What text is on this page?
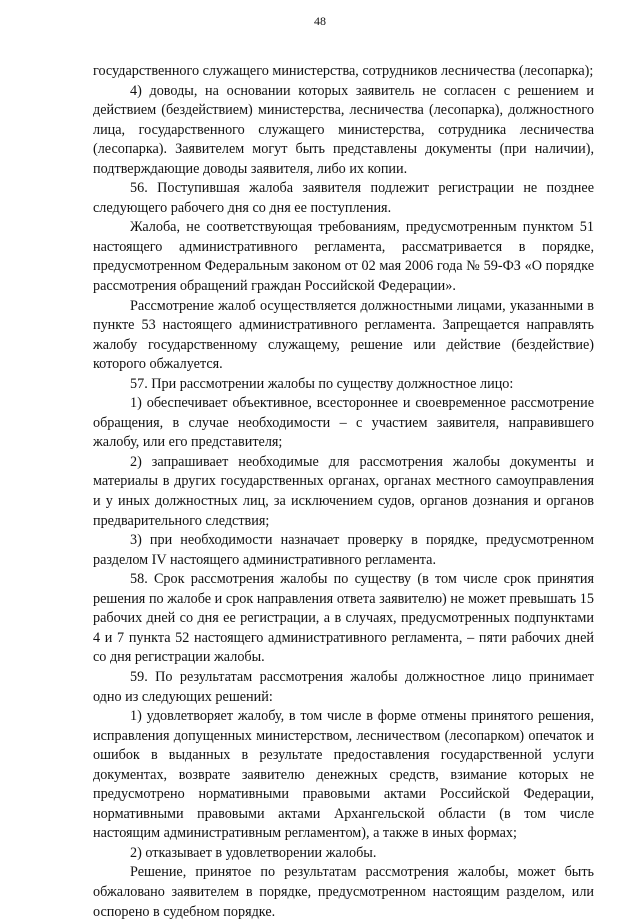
48

государственного служащего министерства, сотрудников лесничества (лесопарка);

4) доводы, на основании которых заявитель не согласен с решением и действием (бездействием) министерства, лесничества (лесопарка), должностного лица, государственного служащего министерства, сотрудника лесничества (лесопарка). Заявителем могут быть представлены документы (при наличии), подтверждающие доводы заявителя, либо их копии.

56. Поступившая жалоба заявителя подлежит регистрации не позднее следующего рабочего дня со дня ее поступления.

Жалоба, не соответствующая требованиям, предусмотренным пунктом 51 настоящего административного регламента, рассматривается в порядке, предусмотренном Федеральным законом от 02 мая 2006 года № 59-ФЗ «О порядке рассмотрения обращений граждан Российской Федерации».

Рассмотрение жалоб осуществляется должностными лицами, указанными в пункте 53 настоящего административного регламента. Запрещается направлять жалобу государственному служащему, решение или действие (бездействие) которого обжалуется.

57. При рассмотрении жалобы по существу должностное лицо:

1) обеспечивает объективное, всестороннее и своевременное рассмотрение обращения, в случае необходимости – с участием заявителя, направившего жалобу, или его представителя;

2) запрашивает необходимые для рассмотрения жалобы документы и материалы в других государственных органах, органах местного самоуправления и у иных должностных лиц, за исключением судов, органов дознания и органов предварительного следствия;

3) при необходимости назначает проверку в порядке, предусмотренном разделом IV настоящего административного регламента.

58. Срок рассмотрения жалобы по существу (в том числе срок принятия решения по жалобе и срок направления ответа заявителю) не может превышать 15 рабочих дней со дня ее регистрации, а в случаях, предусмотренных подпунктами 4 и 7 пункта 52 настоящего административного регламента, – пяти рабочих дней со дня регистрации жалобы.

59. По результатам рассмотрения жалобы должностное лицо принимает одно из следующих решений:

1) удовлетворяет жалобу, в том числе в форме отмены принятого решения, исправления допущенных министерством, лесничеством (лесопарком) опечаток и ошибок в выданных в результате предоставления государственной услуги документах, возврате заявителю денежных средств, взимание которых не предусмотрено нормативными правовыми актами Российской Федерации, нормативными правовыми актами Архангельской области (в том числе настоящим административным регламентом), а также в иных формах;

2) отказывает в удовлетворении жалобы.

Решение, принятое по результатам рассмотрения жалобы, может быть обжаловано заявителем в порядке, предусмотренном настоящим разделом, или оспорено в судебном порядке.
